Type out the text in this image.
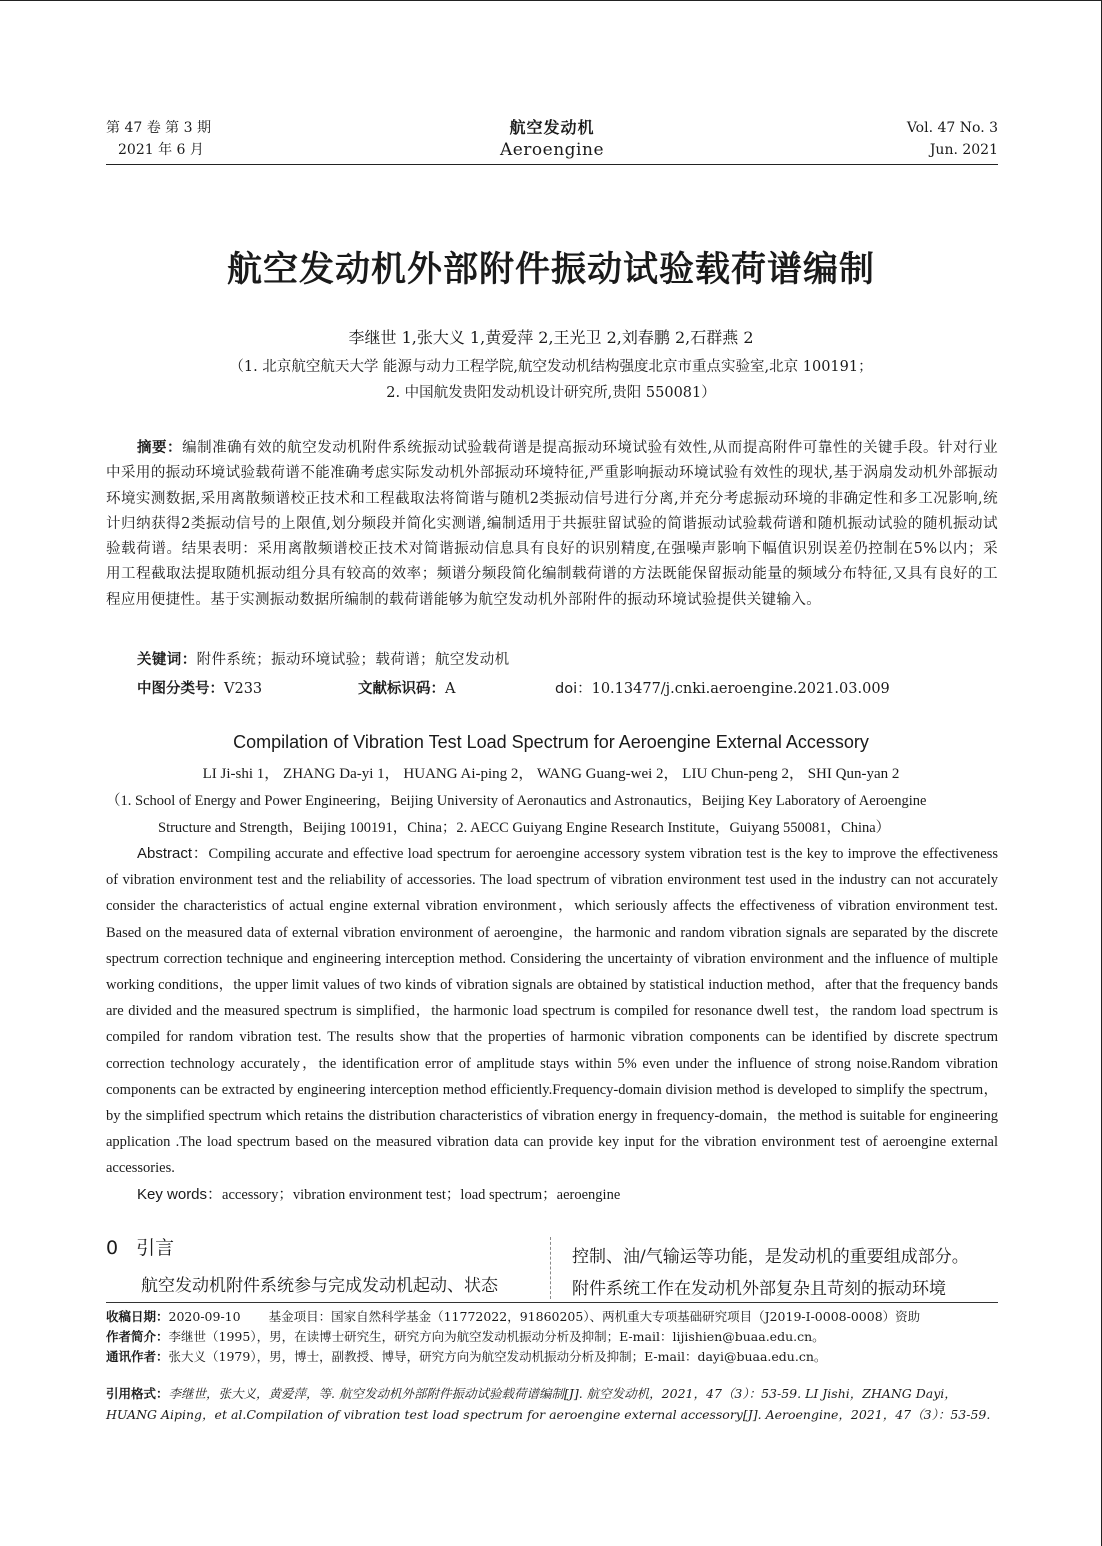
第 47 卷 第 3 期
2021 年 6 月
航空发动机
Aeroengine
Vol. 47 No. 3
Jun. 2021
航空发动机外部附件振动试验载荷谱编制
李继世 1,张大义 1,黄爱萍 2,王光卫 2,刘春鹏 2,石群燕 2
（1. 北京航空航天大学 能源与动力工程学院,航空发动机结构强度北京市重点实验室,北京 100191；
2. 中国航发贵阳发动机设计研究所,贵阳 550081）
摘要：编制准确有效的航空发动机附件系统振动试验载荷谱是提高振动环境试验有效性,从而提高附件可靠性的关键手段。针对行业中采用的振动环境试验载荷谱不能准确考虑实际发动机外部振动环境特征,严重影响振动环境试验有效性的现状,基于涡扇发动机外部振动环境实测数据,采用离散频谱校正技术和工程截取法将简谐与随机2类振动信号进行分离,并充分考虑振动环境的非确定性和多工况影响,统计归纳获得2类振动信号的上限值,划分频段并简化实测谱,编制适用于共振驻留试验的简谐振动试验载荷谱和随机振动试验的随机振动试验载荷谱。结果表明：采用离散频谱校正技术对简谐振动信息具有良好的识别精度,在强噪声影响下幅值识别误差仍控制在5%以内；采用工程截取法提取随机振动组分具有较高的效率；频谱分频段简化编制载荷谱的方法既能保留振动能量的频域分布特征,又具有良好的工程应用便捷性。基于实测振动数据所编制的载荷谱能够为航空发动机外部附件的振动环境试验提供关键输入。
关键词：附件系统；振动环境试验；载荷谱；航空发动机
中图分类号：V233	文献标识码：A	doi：10.13477/j.cnki.aeroengine.2021.03.009
Compilation of Vibration Test Load Spectrum for Aeroengine External Accessory
LI Ji-shi 1， ZHANG Da-yi 1， HUANG Ai-ping 2， WANG Guang-wei 2， LIU Chun-peng 2， SHI Qun-yan 2
（1. School of Energy and Power Engineering，Beijing University of Aeronautics and Astronautics，Beijing Key Laboratory of Aeroengine
Structure and Strength，Beijing 100191，China；2. AECC Guiyang Engine Research Institute，Guiyang 550081，China）
Abstract：Compiling accurate and effective load spectrum for aeroengine accessory system vibration test is the key to improve the effectiveness of vibration environment test and the reliability of accessories. The load spectrum of vibration environment test used in the industry can not accurately consider the characteristics of actual engine external vibration environment，which seriously affects the effectiveness of vibration environment test. Based on the measured data of external vibration environment of aeroengine，the harmonic and random vibration signals are separated by the discrete spectrum correction technique and engineering interception method. Considering the uncertainty of vibration environment and the influence of multiple working conditions，the upper limit values of two kinds of vibration signals are obtained by statistical induction method，after that the frequency bands are divided and the measured spectrum is simplified，the harmonic load spectrum is compiled for resonance dwell test，the random load spectrum is compiled for random vibration test. The results show that the properties of harmonic vibration components can be identified by discrete spectrum correction technology accurately，the identification error of amplitude stays within 5% even under the influence of strong noise.Random vibration components can be extracted by engineering interception method efficiently.Frequency-domain division method is developed to simplify the spectrum，by the simplified spectrum which retains the distribution characteristics of vibration energy in frequency-domain，the method is suitable for engineering application .The load spectrum based on the measured vibration data can provide key input for the vibration environment test of aeroengine external accessories.
Key words：accessory；vibration environment test；load spectrum；aeroengine
0 引言
航空发动机附件系统参与完成发动机起动、状态
控制、油/气输运等功能，是发动机的重要组成部分。
附件系统工作在发动机外部复杂且苛刻的振动环境
收稿日期：2020-09-10 基金项目：国家自然科学基金（11772022，91860205）、两机重大专项基础研究项目（J2019-I-0008-0008）资助
作者简介：李继世（1995），男，在读博士研究生，研究方向为航空发动机振动分析及抑制；E-mail：lijishien@buaa.edu.cn。
通讯作者：张大义（1979），男，博士，副教授、博导，研究方向为航空发动机振动分析及抑制；E-mail：dayi@buaa.edu.cn。
引用格式：李继世，张大义，黄爱萍，等. 航空发动机外部附件振动试验载荷谱编制[J]. 航空发动机，2021，47（3）：53-59. LI Jishi，ZHANG Dayi，HUANG Aiping，et al.Compilation of vibration test load spectrum for aeroengine external accessory[J]. Aeroengine，2021，47（3）：53-59.
